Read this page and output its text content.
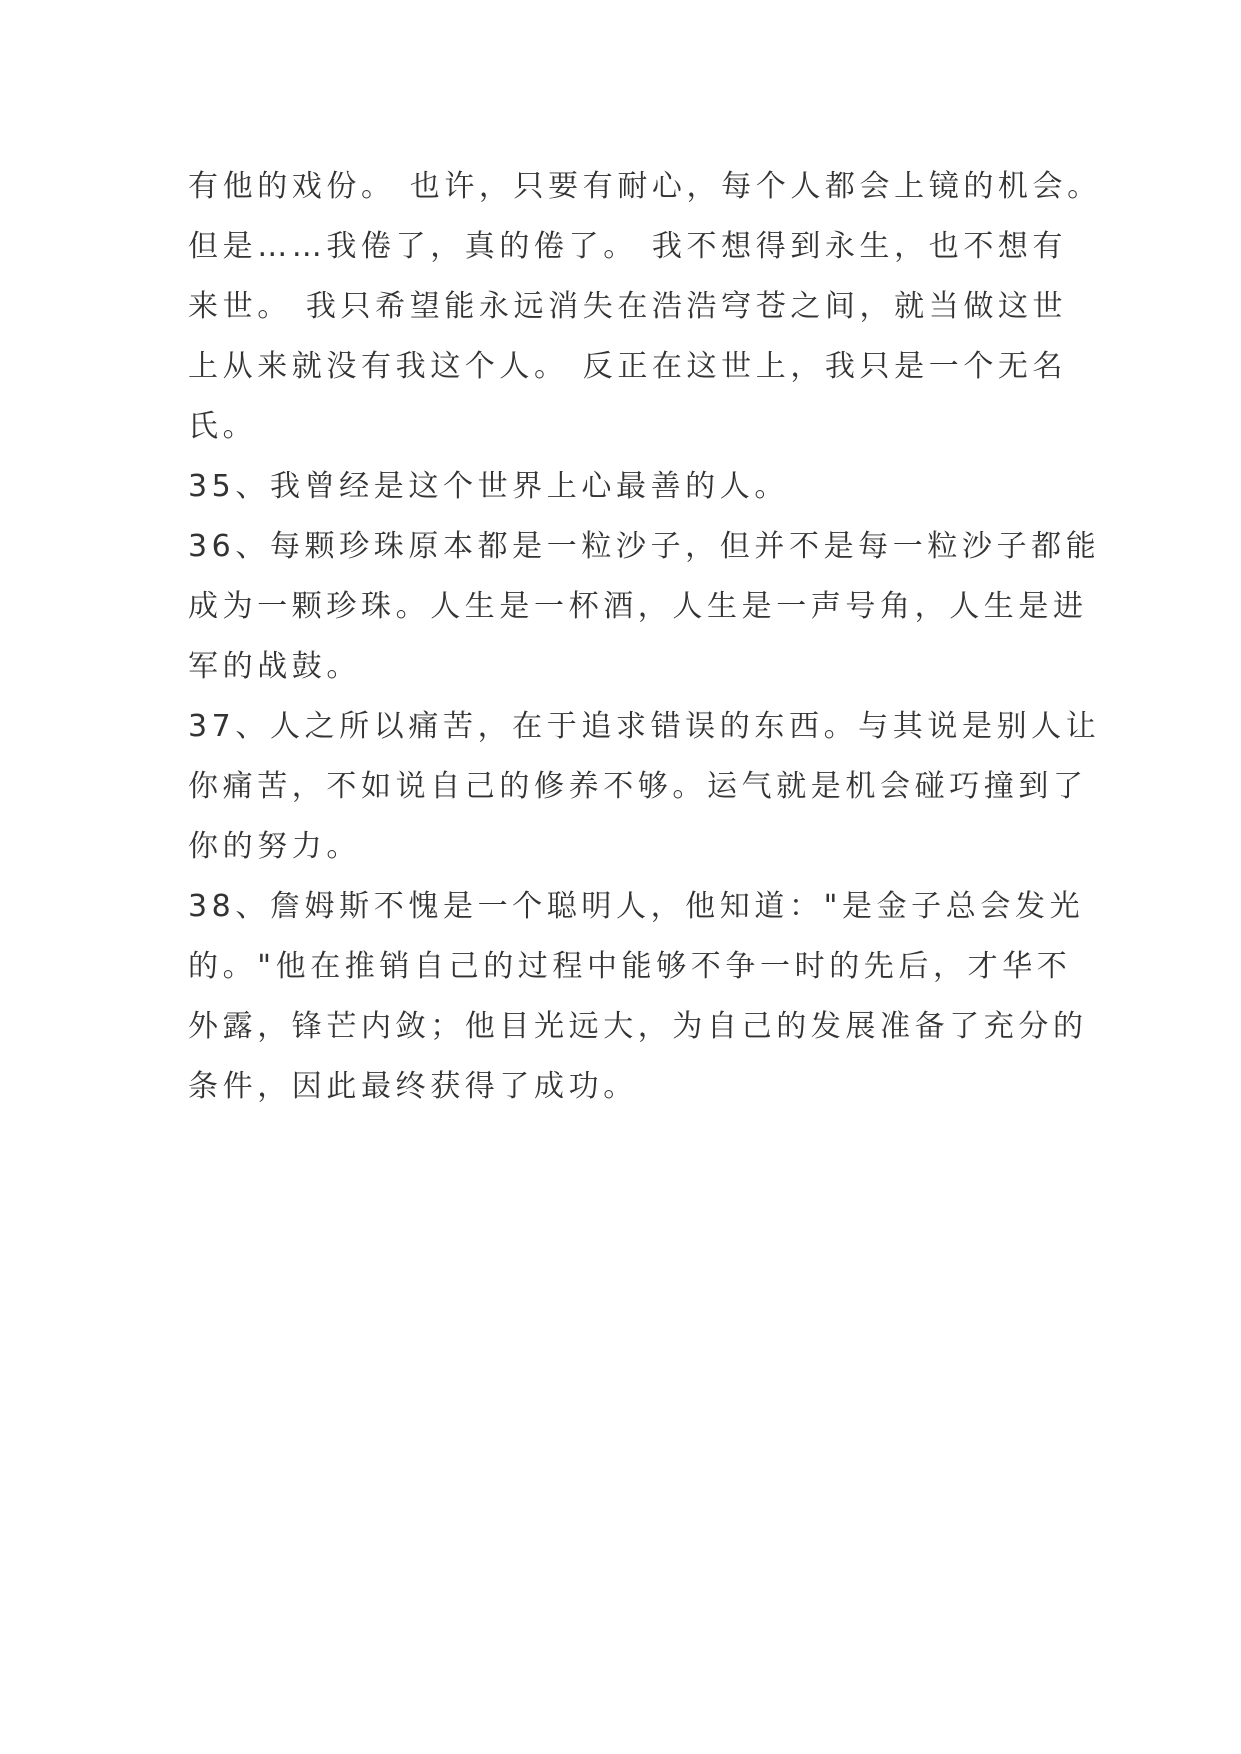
有他的戏份。 也许，只要有耐心，每个人都会上镜的机会。
但是……我倦了，真的倦了。 我不想得到永生，也不想有
来世。 我只希望能永远消失在浩浩穹苍之间，就当做这世
上从来就没有我这个人。 反正在这世上，我只是一个无名
氏。
35、我曾经是这个世界上心最善的人。
36、每颗珍珠原本都是一粒沙子，但并不是每一粒沙子都能
成为一颗珍珠。人生是一杯酒，人生是一声号角，人生是进
军的战鼓。
37、人之所以痛苦，在于追求错误的东西。与其说是别人让
你痛苦，不如说自己的修养不够。运气就是机会碰巧撞到了
你的努力。
38、詹姆斯不愧是一个聪明人，他知道："是金子总会发光
的。"他在推销自己的过程中能够不争一时的先后，才华不
外露，锋芒内敛；他目光远大，为自己的发展准备了充分的
条件，因此最终获得了成功。
